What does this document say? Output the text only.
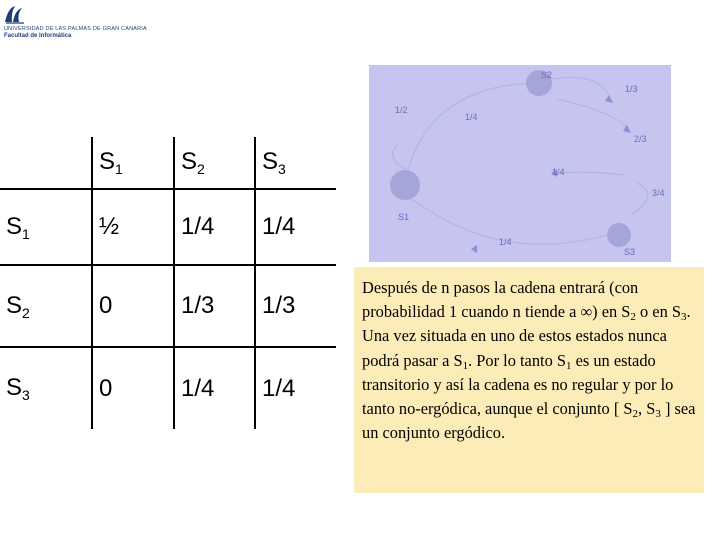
UNIVERSIDAD DE LAS PALMAS DE GRAN CANARIA
Facultad de Informática
	$S_1$	$S_2$	$S_3$
$S_1$	½	1/4	1/4
$S_2$	0	1/3	1/3
$S_3$	0	1/4	1/4
S2
S1
S3
1/3
1/2
1/4
2/3
1/4
3/4
1/4
Después de n pasos la cadena entrará (con probabilidad 1 cuando n tiende a ∞) en $S_2$ o en $S_3$. Una vez situada en uno de estos estados nunca podrá pasar a $S_1$. Por lo tanto $S_1$ es un estado transitorio y así la cadena es no regular y por lo tanto no‑ergódica, aunque el conjunto [ $S_2$, $S_3$ ] sea un conjunto ergódico.
